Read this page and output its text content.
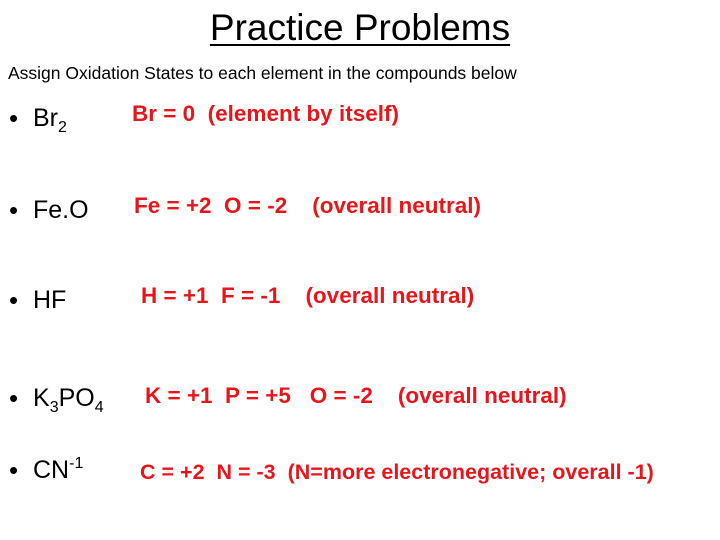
Practice Problems
Assign Oxidation States to each element in the compounds below
• $Br_2$
Br = 0  (element by itself)
• Fe.O Fe = +2  O = -2    (overall neutral)
• HF	H = +1  F = -1    (overall neutral)
• $K_3PO_4$ K = +1  P = +5   O = -2    (overall neutral)
• $CN^{-1}$	C = +2  N = -3  (N=more electronegative; overall -1)
